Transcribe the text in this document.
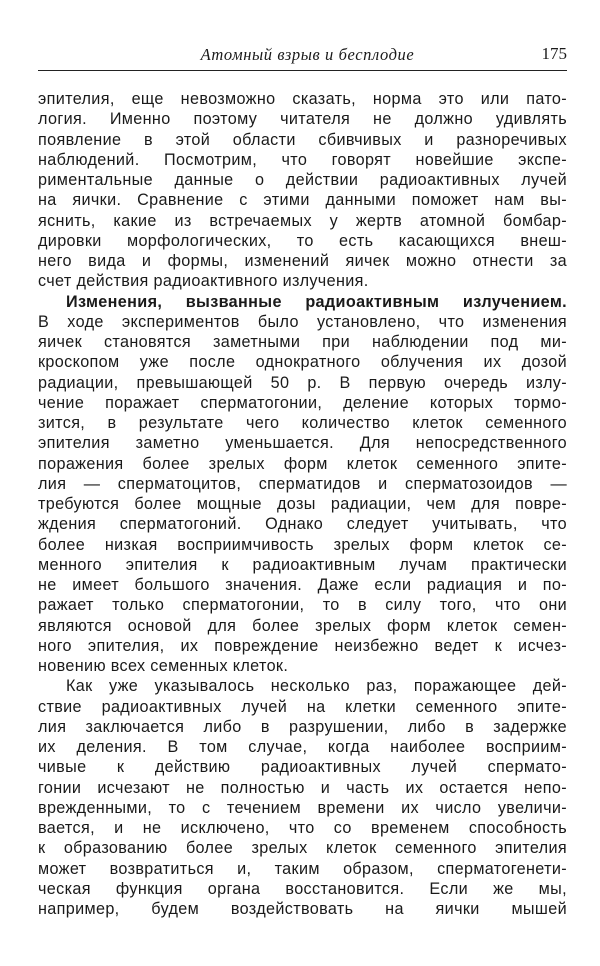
Атомный взрыв и бесплодие	175
эпителия, еще невозможно сказать, норма это или пато-
логия. Именно поэтому читателя не должно удивлять
появление в этой области сбивчивых и разноречивых
наблюдений. Посмотрим, что говорят новейшие экспе-
риментальные данные о действии радиоактивных лучей
на яички. Сравнение с этими данными поможет нам вы-
яснить, какие из встречаемых у жертв атомной бомбар-
дировки морфологических, то есть касающихся внеш-
него вида и формы, изменений яичек можно отнести за
счет действия радиоактивного излучения.
Изменения, вызванные радиоактивным излучением.
В ходе экспериментов было установлено, что изменения
яичек становятся заметными при наблюдении под ми-
кроскопом уже после однократного облучения их дозой
радиации, превышающей 50 р. В первую очередь излу-
чение поражает сперматогонии, деление которых тормо-
зится, в результате чего количество клеток семенного
эпителия заметно уменьшается. Для непосредственного
поражения более зрелых форм клеток семенного эпите-
лия — сперматоцитов, сперматидов и сперматозоидов —
требуются более мощные дозы радиации, чем для повре-
ждения сперматогоний. Однако следует учитывать, что
более низкая восприимчивость зрелых форм клеток се-
менного эпителия к радиоактивным лучам практически
не имеет большого значения. Даже если радиация и по-
ражает только сперматогонии, то в силу того, что они
являются основой для более зрелых форм клеток семен-
ного эпителия, их повреждение неизбежно ведет к исчез-
новению всех семенных клеток.
Как уже указывалось несколько раз, поражающее дей-
ствие радиоактивных лучей на клетки семенного эпите-
лия заключается либо в разрушении, либо в задержке
их деления. В том случае, когда наиболее восприим-
чивые к действию радиоактивных лучей спермато-
гонии исчезают не полностью и часть их остается непо-
врежденными, то с течением времени их число увеличи-
вается, и не исключено, что со временем способность
к образованию более зрелых клеток семенного эпителия
может возвратиться и, таким образом, сперматогенети-
ческая функция органа восстановится. Если же мы,
например, будем воздействовать на яички мышей
